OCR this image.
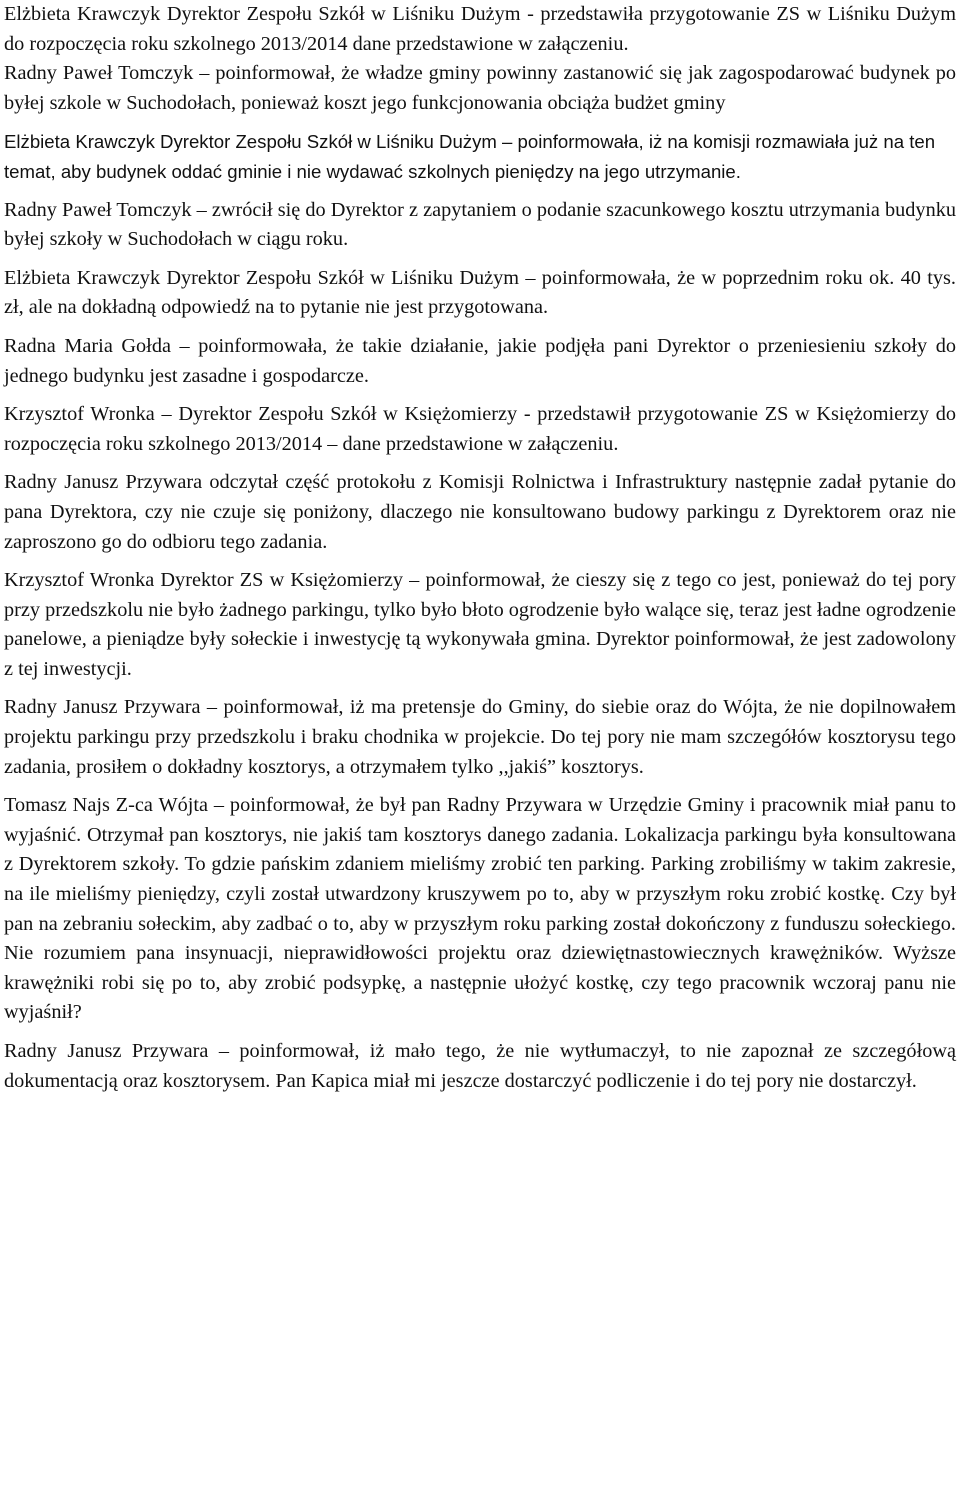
Elżbieta Krawczyk Dyrektor Zespołu Szkół w Liśniku Dużym - przedstawiła przygotowanie ZS w Liśniku Dużym do rozpoczęcia roku szkolnego 2013/2014 dane przedstawione w załączeniu.

Radny Paweł Tomczyk – poinformował, że władze gminy powinny zastanowić się jak zagospodarować budynek po byłej szkole w Suchodołach, ponieważ koszt jego funkcjonowania obciąża budżet gminy

Elżbieta Krawczyk Dyrektor Zespołu Szkół w Liśniku Dużym – poinformowała, iż na komisji rozmawiała już na ten temat, aby budynek oddać gminie i nie wydawać szkolnych pieniędzy na jego utrzymanie.

Radny Paweł Tomczyk – zwrócił się do Dyrektor z zapytaniem o podanie szacunkowego kosztu utrzymania budynku byłej szkoły w Suchodołach w ciągu roku.

Elżbieta Krawczyk Dyrektor Zespołu Szkół w Liśniku Dużym – poinformowała, że w poprzednim roku ok. 40 tys. zł, ale na dokładną odpowiedź na to pytanie nie jest przygotowana.

Radna Maria Gołda – poinformowała, że takie działanie, jakie podjęła pani Dyrektor o przeniesieniu szkoły do jednego budynku jest zasadne i gospodarcze.

Krzysztof Wronka – Dyrektor Zespołu Szkół w Księżomierzy - przedstawił przygotowanie ZS w Księżomierzy do rozpoczęcia roku szkolnego 2013/2014 – dane przedstawione w załączeniu.

Radny Janusz Przywara odczytał część protokołu z Komisji Rolnictwa i Infrastruktury następnie zadał pytanie do pana Dyrektora, czy nie czuje się poniżony, dlaczego nie konsultowano budowy parkingu z Dyrektorem oraz nie zaproszono go do odbioru tego zadania.

Krzysztof Wronka Dyrektor ZS w Księżomierzy – poinformował, że cieszy się z tego co jest, ponieważ do tej pory przy przedszkolu nie było żadnego parkingu, tylko było błoto ogrodzenie było walące się, teraz jest ładne ogrodzenie panelowe, a pieniądze były sołeckie i inwestycję tą wykonywała gmina. Dyrektor poinformował, że jest zadowolony z tej inwestycji.

Radny Janusz Przywara – poinformował, iż ma pretensje do Gminy, do siebie oraz do Wójta, że nie dopilnowałem projektu parkingu przy przedszkolu i braku chodnika w projekcie. Do tej pory nie mam szczegółów kosztorysu tego zadania, prosiłem o dokładny kosztorys, a otrzymałem tylko ,,jakiś” kosztorys.

Tomasz Najs Z-ca Wójta – poinformował, że był pan Radny Przywara w Urzędzie Gminy i pracownik miał panu to wyjaśnić. Otrzymał pan kosztorys, nie jakiś tam kosztorys danego zadania. Lokalizacja parkingu była konsultowana z Dyrektorem szkoły. To gdzie pańskim zdaniem mieliśmy zrobić ten parking. Parking zrobiliśmy w takim zakresie, na ile mieliśmy pieniędzy, czyli został utwardzony kruszywem po to, aby w przyszłym roku zrobić kostkę. Czy był pan na zebraniu sołeckim, aby zadbać o to, aby w przyszłym roku parking został dokończony z funduszu sołeckiego. Nie rozumiem pana insynuacji, nieprawidłowości projektu oraz dziewiętnastowiecznych krawężników. Wyższe krawężniki robi się po to, aby zrobić podsypkę, a następnie ułożyć kostkę, czy tego pracownik wczoraj panu nie wyjaśnił?

Radny Janusz Przywara – poinformował, iż mało tego, że nie wytłumaczył, to nie zapoznał ze szczegółową dokumentacją oraz kosztorysem. Pan Kapica miał mi jeszcze dostarczyć podliczenie i do tej pory nie dostarczył.
